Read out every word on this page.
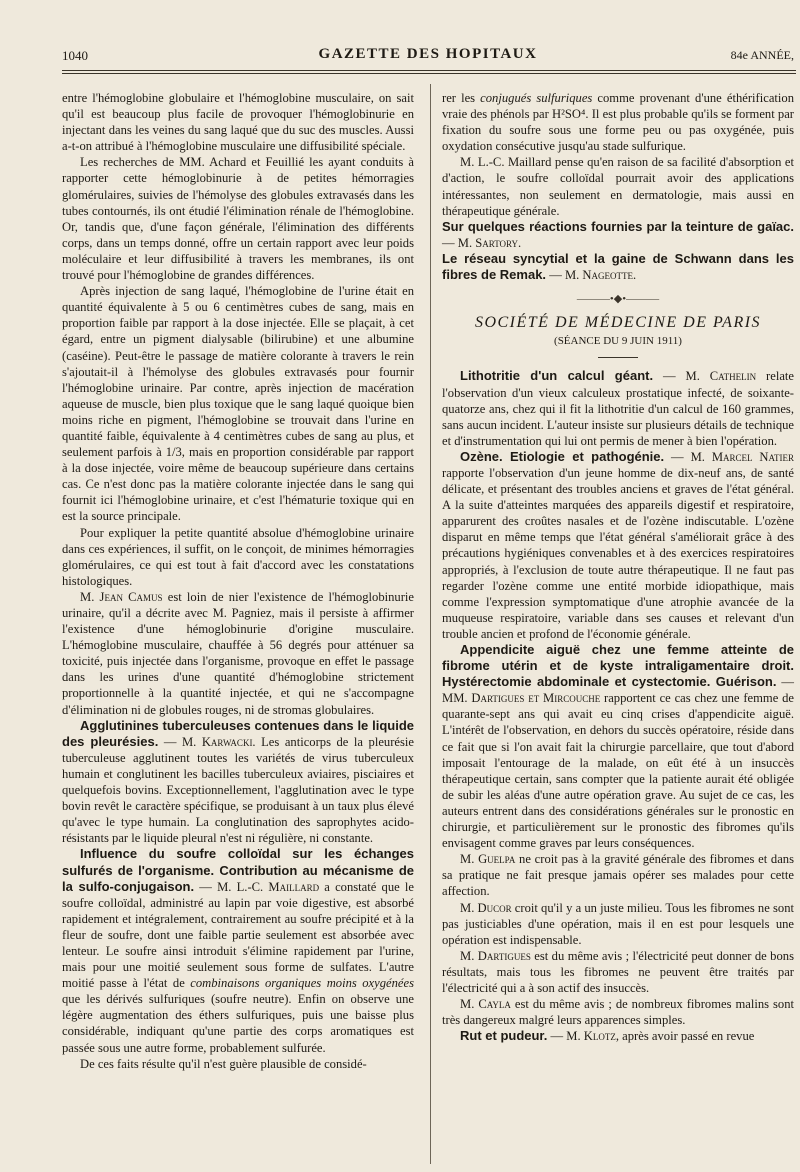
1040	GAZETTE DES HOPITAUX	84e ANNÉE,

entre l'hémoglobine globulaire et l'hémoglobine musculaire, on sait qu'il est beaucoup plus facile de provoquer l'hémoglobinurie en injectant dans les veines du sang laqué que du suc des muscles. Aussi a-t-on attribué à l'hémoglobine musculaire une diffusibilité spéciale.

Les recherches de MM. Achard et Feuillié les ayant conduits à rapporter cette hémoglobinurie à de petites hémorragies glomérulaires, suivies de l'hémolyse des globules extravasés dans les tubes contournés, ils ont étudié l'élimination rénale de l'hémoglobine. Or, tandis que, d'une façon générale, l'élimination des différents corps, dans un temps donné, offre un certain rapport avec leur poids moléculaire et leur diffusibilité à travers les membranes, ils ont trouvé pour l'hémoglobine de grandes différences.

Après injection de sang laqué, l'hémoglobine de l'urine était en quantité équivalente à 5 ou 6 centimètres cubes de sang, mais en proportion faible par rapport à la dose injectée. Elle se plaçait, à cet égard, entre un pigment dialysable (bilirubine) et une albumine (caséine). Peut-être le passage de matière colorante à travers le rein s'ajoutait-il à l'hémolyse des globules extravasés pour fournir l'hémoglobine urinaire. Par contre, après injection de macération aqueuse de muscle, bien plus toxique que le sang laqué quoique bien moins riche en pigment, l'hémoglobine se trouvait dans l'urine en quantité faible, équivalente à 4 centimètres cubes de sang au plus, et seulement parfois à 1/3, mais en proportion considérable par rapport à la dose injectée, voire même de beaucoup supérieure dans certains cas. Ce n'est donc pas la matière colorante injectée dans le sang qui fournit ici l'hémoglobine urinaire, et c'est l'hématurie toxique qui en est la source principale.

Pour expliquer la petite quantité absolue d'hémoglobine urinaire dans ces expériences, il suffit, on le conçoit, de minimes hémorragies glomérulaires, ce qui est tout à fait d'accord avec les constatations histologiques.

M. Jean Camus est loin de nier l'existence de l'hémoglobinurie urinaire, qu'il a décrite avec M. Pagniez, mais il persiste à affirmer l'existence d'une hémoglobinurie d'origine musculaire. L'hémoglobine musculaire, chauffée à 56 degrés pour atténuer sa toxicité, puis injectée dans l'organisme, provoque en effet le passage dans les urines d'une quantité d'hémoglobine strictement proportionnelle à la quantité injectée, et qui ne s'accompagne d'élimination ni de globules rouges, ni de stromas globulaires.

Agglutinines tuberculeuses contenues dans le liquide des pleurésies. — M. Karwacki. Les anticorps de la pleurésie tuberculeuse agglutinent toutes les variétés de virus tuberculeux humain et conglutinent les bacilles tuberculeux aviaires, pisciaires et quelquefois bovins. Exceptionnellement, l'agglutination avec le type bovin revêt le caractère spécifique, se produisant à un taux plus élevé qu'avec le type humain. La conglutination des saprophytes acido-résistants par le liquide pleural n'est ni régulière, ni constante.

Influence du soufre colloïdal sur les échanges sulfurés de l'organisme. Contribution au mécanisme de la sulfo-conjugaison. — M. L.-C. Maillard a constaté que le soufre colloïdal, administré au lapin par voie digestive, est absorbé rapidement et intégralement, contrairement au soufre précipité et à la fleur de soufre, dont une faible partie seulement est absorbée avec lenteur. Le soufre ainsi introduit s'élimine rapidement par l'urine, mais pour une moitié seulement sous forme de sulfates. L'autre moitié passe à l'état de combinaisons organiques moins oxygénées que les dérivés sulfuriques (soufre neutre). Enfin on observe une légère augmentation des éthers sulfuriques, puis une baisse plus considérable, indiquant qu'une partie des corps aromatiques est passée sous une autre forme, probablement sulfurée.

De ces faits résulte qu'il n'est guère plausible de considé-

rer les conjugués sulfuriques comme provenant d'une éthérification vraie des phénols par H²SO⁴. Il est plus probable qu'ils se forment par fixation du soufre sous une forme peu ou pas oxygénée, puis oxydation consécutive jusqu'au stade sulfurique.

M. L.-C. Maillard pense qu'en raison de sa facilité d'absorption et d'action, le soufre colloïdal pourrait avoir des applications intéressantes, non seulement en dermatologie, mais aussi en thérapeutique générale.

Sur quelques réactions fournies par la teinture de gaïac. — M. Sartory.

Le réseau syncytial et la gaine de Schwann dans les fibres de Remak. — M. Nageotte.

———•◆•———
SOCIÉTÉ DE MÉDECINE DE PARIS
(SÉANCE DU 9 JUIN 1911)

Lithotritie d'un calcul géant. — M. Cathelin relate l'observation d'un vieux calculeux prostatique infecté, de soixante-quatorze ans, chez qui il fit la lithotritie d'un calcul de 160 grammes, sans aucun incident. L'auteur insiste sur plusieurs détails de technique et d'instrumentation qui lui ont permis de mener à bien l'opération.

Ozène. Etiologie et pathogénie. — M. Marcel Natier rapporte l'observation d'un jeune homme de dix-neuf ans, de santé délicate, et présentant des troubles anciens et graves de l'état général. A la suite d'atteintes marquées des appareils digestif et respiratoire, apparurent des croûtes nasales et de l'ozène indiscutable. L'ozène disparut en même temps que l'état général s'améliorait grâce à des précautions hygiéniques convenables et à des exercices respiratoires appropriés, à l'exclusion de toute autre thérapeutique. Il ne faut pas regarder l'ozène comme une entité morbide idiopathique, mais comme l'expression symptomatique d'une atrophie avancée de la muqueuse respiratoire, variable dans ses causes et relevant d'un trouble ancien et profond de l'économie générale.

Appendicite aiguë chez une femme atteinte de fibrome utérin et de kyste intraligamentaire droit. Hystérectomie abdominale et cystectomie. Guérison. — MM. Dartigues et Mircouche rapportent ce cas chez une femme de quarante-sept ans qui avait eu cinq crises d'appendicite aiguë. L'intérêt de l'observation, en dehors du succès opératoire, réside dans ce fait que si l'on avait fait la chirurgie parcellaire, que tout d'abord imposait l'entourage de la malade, on eût été à un insuccès thérapeutique certain, sans compter que la patiente aurait été obligée de subir les aléas d'une autre opération grave. Au sujet de ce cas, les auteurs entrent dans des considérations générales sur le pronostic en chirurgie, et particulièrement sur le pronostic des fibromes qu'ils envisagent comme graves par leurs conséquences.

M. Guelpa ne croit pas à la gravité générale des fibromes et dans sa pratique ne fait presque jamais opérer ses malades pour cette affection.

M. Ducor croit qu'il y a un juste milieu. Tous les fibromes ne sont pas justiciables d'une opération, mais il en est pour lesquels une opération est indispensable.

M. Dartigues est du même avis ; l'électricité peut donner de bons résultats, mais tous les fibromes ne peuvent être traités par l'électricité qui a à son actif des insuccès.

M. Cayla est du même avis ; de nombreux fibromes malins sont très dangereux malgré leurs apparences simples.

Rut et pudeur. — M. Klotz, après avoir passé en revue
